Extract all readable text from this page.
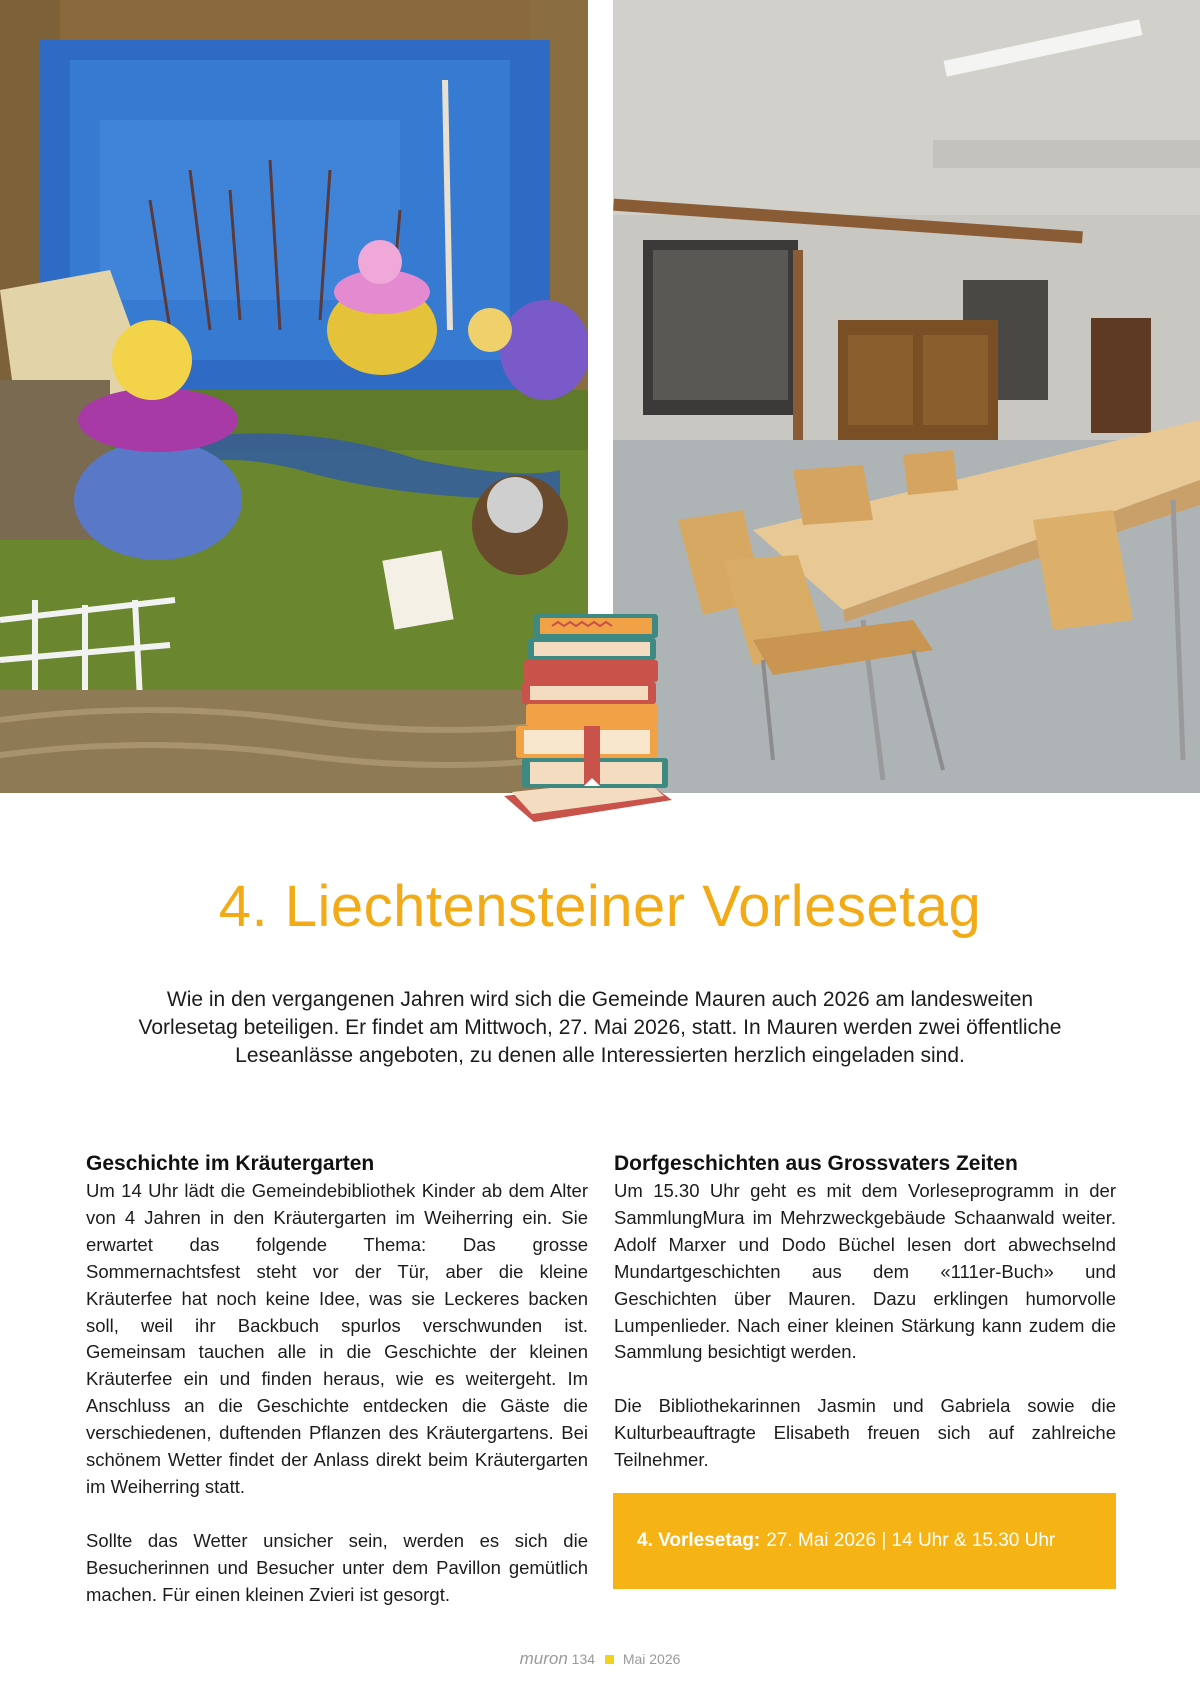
4. Liechtensteiner Vorlesetag
Wie in den vergangenen Jahren wird sich die Gemeinde Mauren auch 2026 am landesweiten
Vorlesetag beteiligen. Er findet am Mittwoch, 27. Mai 2026, statt. In Mauren werden zwei öffentliche
Leseanlässe angeboten, zu denen alle Interessierten herzlich eingeladen sind.
Geschichte im Kräutergarten

Um 14 Uhr lädt die Gemeindebibliothek Kinder ab dem Alter von 4 Jahren in den Kräutergarten im Weiherring ein. Sie erwartet das folgende Thema: Das grosse Sommernachtsfest steht vor der Tür, aber die kleine Kräuterfee hat noch keine Idee, was sie Leckeres backen soll, weil ihr Backbuch spurlos verschwunden ist. Gemeinsam tauchen alle in die Geschichte der kleinen Kräuterfee ein und finden heraus, wie es weitergeht. Im Anschluss an die Geschichte entdecken die Gäste die verschiedenen, duftenden Pflanzen des Kräutergartens. Bei schönem Wetter findet der Anlass direkt beim Kräutergarten im Weiherring statt.

Sollte das Wetter unsicher sein, werden es sich die Besucherinnen und Besucher unter dem Pavillon gemütlich machen. Für einen kleinen Zvieri ist gesorgt.

Dorfgeschichten aus Grossvaters Zeiten

Um 15.30 Uhr geht es mit dem Vorleseprogramm in der SammlungMura im Mehrzweckgebäude Schaanwald weiter. Adolf Marxer und Dodo Büchel lesen dort abwechselnd Mundartgeschichten aus dem «111er-Buch» und Geschichten über Mauren. Dazu erklingen humorvolle Lumpenlieder. Nach einer kleinen Stärkung kann zudem die Sammlung besichtigt werden.

Die Bibliothekarinnen Jasmin und Gabriela sowie die Kulturbeauftragte Elisabeth freuen sich auf zahlreiche Teilnehmer.

4. Vorlesetag: 27. Mai 2026 | 14 Uhr & 15.30 Uhr
muron 134 Mai 2026
